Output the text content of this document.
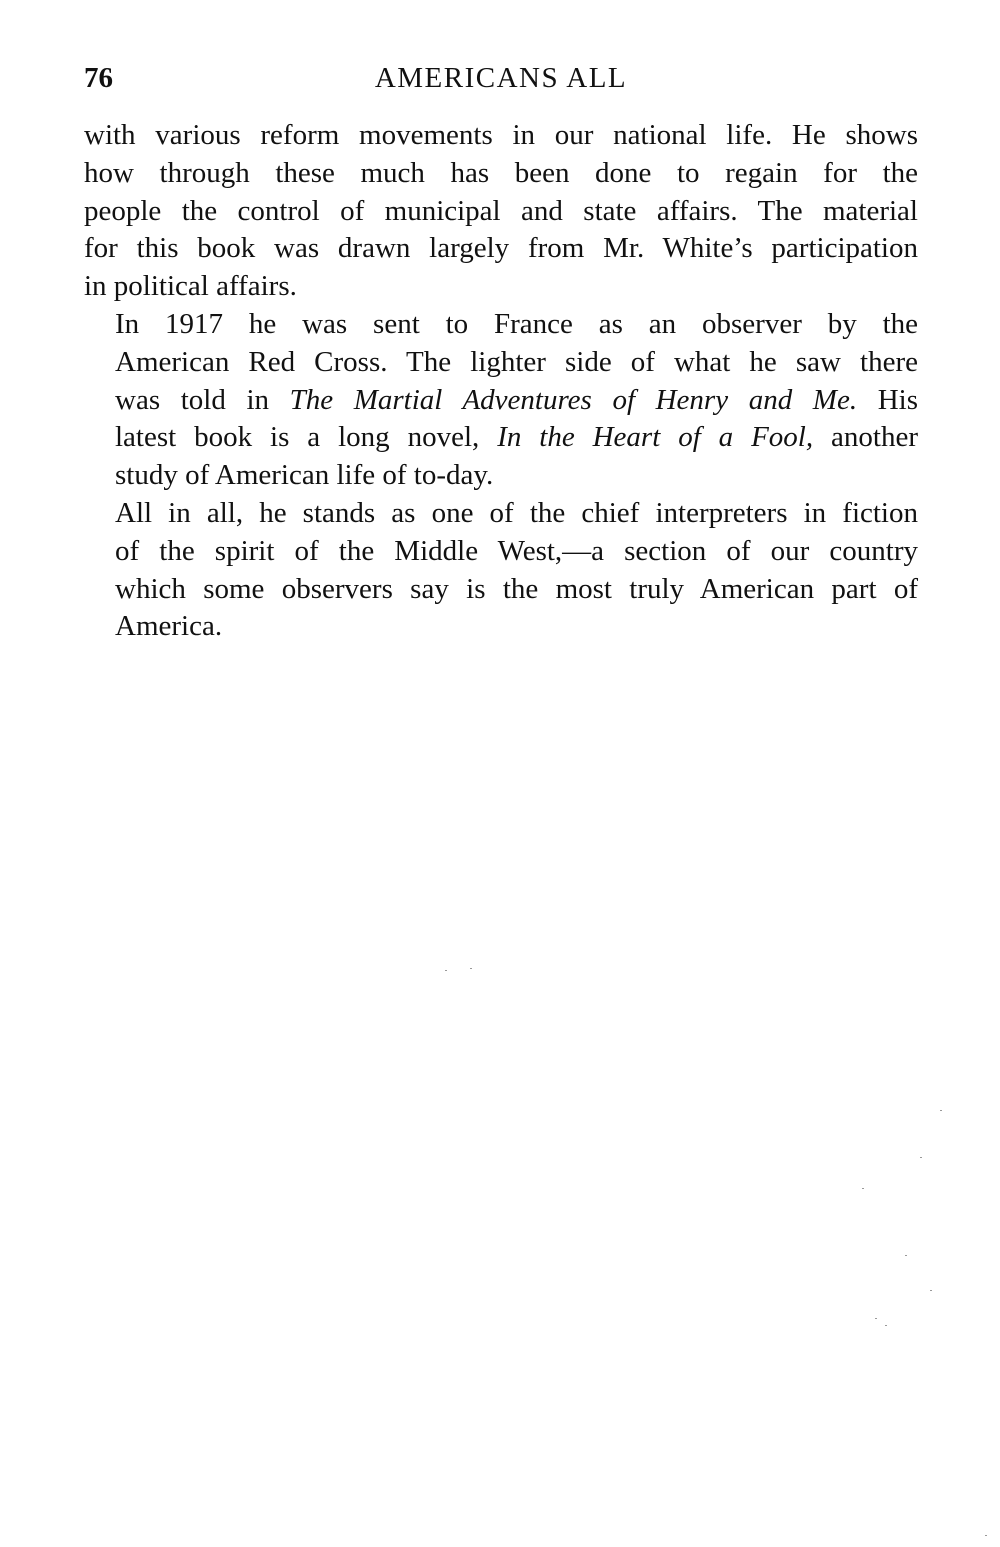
AMERICANS ALL
76

with various reform movements in our national life. He shows
how through these much has been done to regain for the
people the control of municipal and state affairs. The material
for this book was drawn largely from Mr. White’s participation
in political affairs.

In 1917 he was sent to France as an observer by the
American Red Cross. The lighter side of what he saw there
was told in The Martial Adventures of Henry and Me. His
latest book is a long novel, In the Heart of a Fool, another
study of American life of to-day.

All in all, he stands as one of the chief interpreters in fiction
of the spirit of the Middle West,—a section of our country
which some observers say is the most truly American part of
America.
